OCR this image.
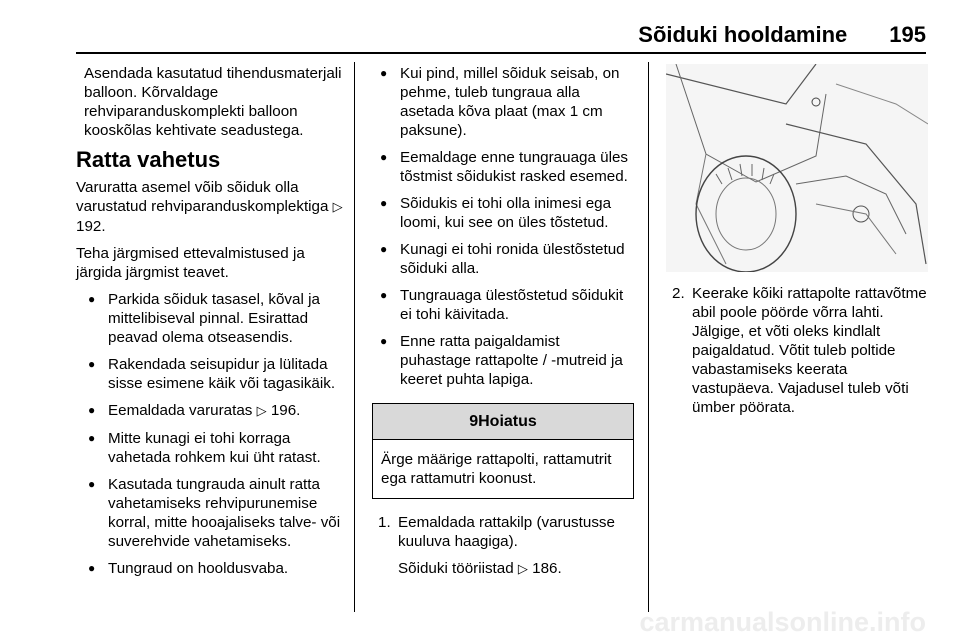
Sõiduki hooldamine 195

Asendada kasutatud tihendusmaterjali balloon. Kõrvaldage rehviparanduskomplekti balloon kooskõlas kehtivate seadustega.

Ratta vahetus

Varuratta asemel võib sõiduk olla varustatud rehviparanduskomplektiga ▷ 192.

Teha järgmised ettevalmistused ja järgida järgmist teavet.

● Parkida sõiduk tasasel, kõval ja mittelibiseval pinnal. Esirattad peavad olema otseasendis.
● Rakendada seisupidur ja lülitada sisse esimene käik või tagasikäik.
● Eemaldada varuratas ▷ 196.
● Mitte kunagi ei tohi korraga vahetada rohkem kui üht ratast.
● Kasutada tungrauda ainult ratta vahetamiseks rehvipurunemise korral, mitte hooajaliseks talve- või suverehvide vahetamiseks.
● Tungraud on hooldusvaba.
● Kui pind, millel sõiduk seisab, on pehme, tuleb tungraua alla asetada kõva plaat (max 1 cm paksune).
● Eemaldage enne tungrauaga üles tõstmist sõidukist rasked esemed.
● Sõidukis ei tohi olla inimesi ega loomi, kui see on üles tõstetud.
● Kunagi ei tohi ronida ülestõstetud sõiduki alla.
● Tungrauaga ülestõstetud sõidukit ei tohi käivitada.
● Enne ratta paigaldamist puhastage rattapolte / -mutreid ja keeret puhta lapiga.
9Hoiatus
Ärge määrige rattapolti, rattamutrit ega rattamutri koonust.
1. Eemaldada rattakilp (varustusse kuuluva haagiga).
Sõiduki tööriistad ▷ 186.
2. Keerake kõiki rattapolte rattavõtme abil poole pöörde võrra lahti. Jälgige, et võti oleks kindlalt paigaldatud. Võtit tuleb poltide vabastamiseks keerata vastupäeva. Vajadusel tuleb võti ümber pöörata.
carmanualsonline.info
